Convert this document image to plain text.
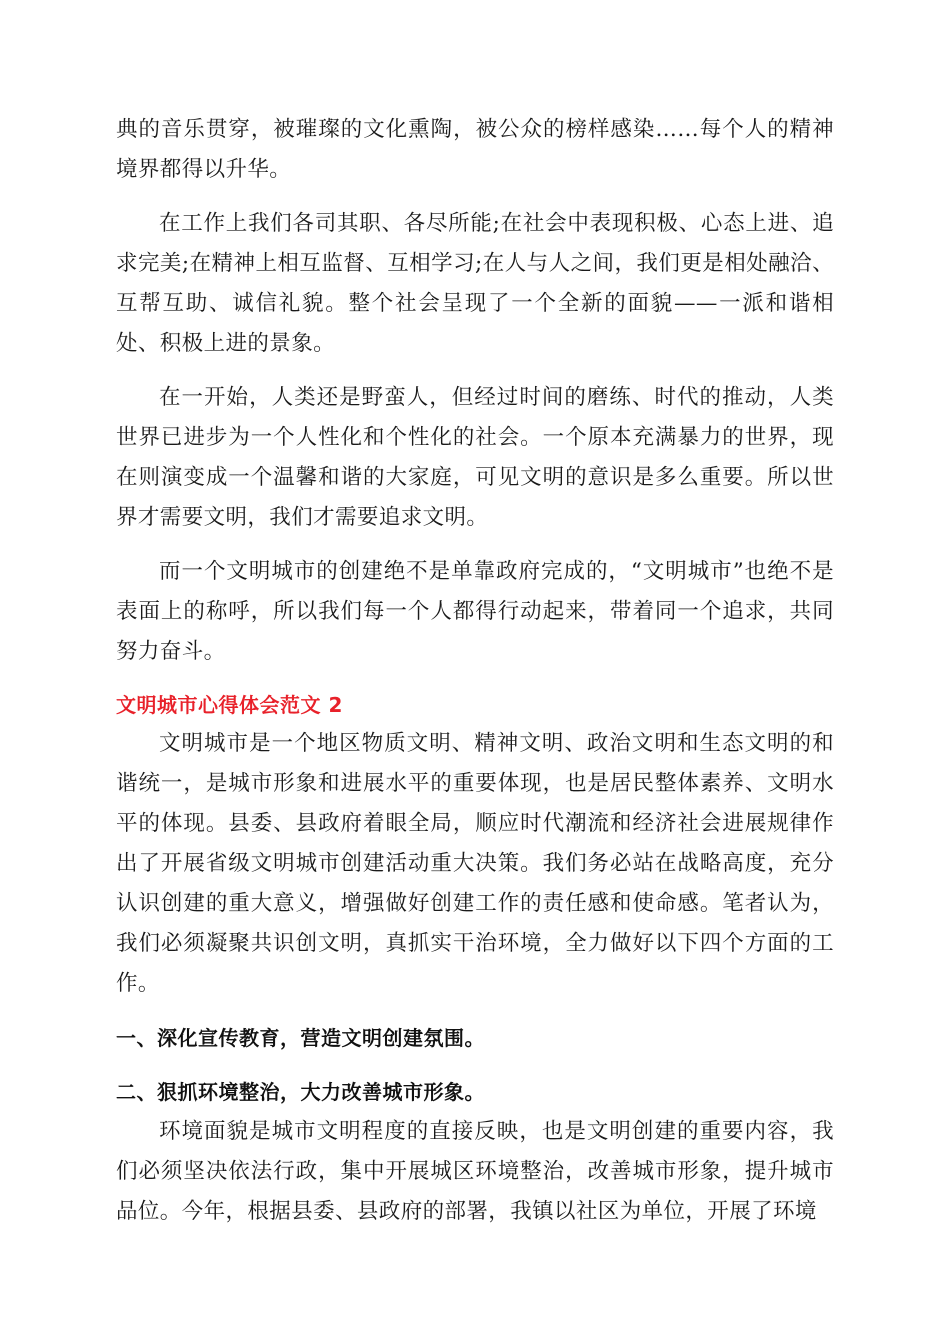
典的音乐贯穿，被璀璨的文化熏陶，被公众的榜样感染……每个人的精神境界都得以升华。

在工作上我们各司其职、各尽所能;在社会中表现积极、心态上进、追求完美;在精神上相互监督、互相学习;在人与人之间，我们更是相处融洽、互帮互助、诚信礼貌。整个社会呈现了一个全新的面貌——一派和谐相处、积极上进的景象。

在一开始，人类还是野蛮人，但经过时间的磨练、时代的推动，人类世界已进步为一个人性化和个性化的社会。一个原本充满暴力的世界，现在则演变成一个温馨和谐的大家庭，可见文明的意识是多么重要。所以世界才需要文明，我们才需要追求文明。

而一个文明城市的创建绝不是单靠政府完成的，“文明城市”也绝不是表面上的称呼，所以我们每一个人都得行动起来，带着同一个追求，共同努力奋斗。

文明城市心得体会范文 2

文明城市是一个地区物质文明、精神文明、政治文明和生态文明的和谐统一，是城市形象和进展水平的重要体现，也是居民整体素养、文明水平的体现。县委、县政府着眼全局，顺应时代潮流和经济社会进展规律作出了开展省级文明城市创建活动重大决策。我们务必站在战略高度，充分认识创建的重大意义，增强做好创建工作的责任感和使命感。笔者认为，我们必须凝聚共识创文明，真抓实干治环境，全力做好以下四个方面的工作。

一、深化宣传教育，营造文明创建氛围。
二、狠抓环境整治，大力改善城市形象。

环境面貌是城市文明程度的直接反映，也是文明创建的重要内容，我们必须坚决依法行政，集中开展城区环境整治，改善城市形象，提升城市品位。今年，根据县委、县政府的部署，我镇以社区为单位，开展了环境
